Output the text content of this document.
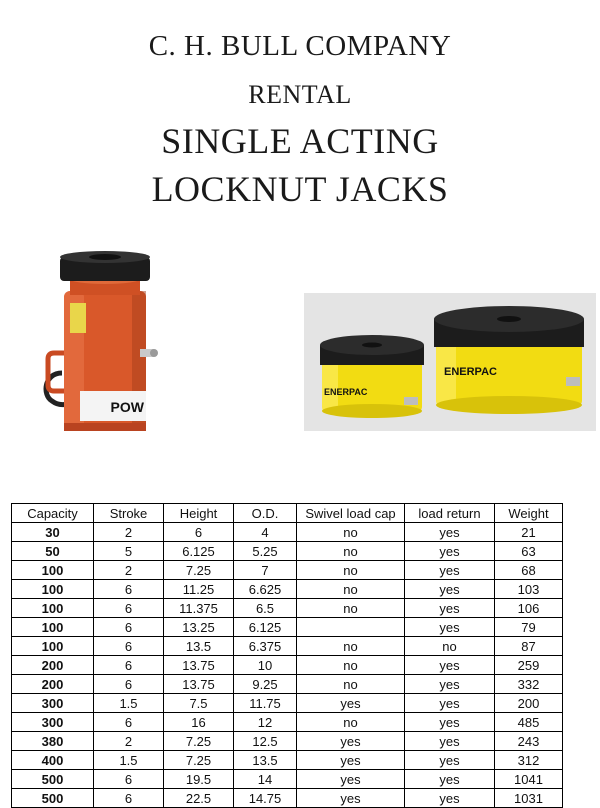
C. H. BULL COMPANY
RENTAL
SINGLE ACTING
LOCKNUT JACKS
POW
ENERPAC
ENERPAC
Capacity	Stroke	Height	O.D.	Swivel load cap	load return	Weight
30	2	6	4	no	yes	21
50	5	6.125	5.25	no	yes	63
100	2	7.25	7	no	yes	68
100	6	11.25	6.625	no	yes	103
100	6	11.375	6.5	no	yes	106
100	6	13.25	6.125		yes	79
100	6	13.5	6.375	no	no	87
200	6	13.75	10	no	yes	259
200	6	13.75	9.25	no	yes	332
300	1.5	7.5	11.75	yes	yes	200
300	6	16	12	no	yes	485
380	2	7.25	12.5	yes	yes	243
400	1.5	7.25	13.5	yes	yes	312
500	6	19.5	14	yes	yes	1041
500	6	22.5	14.75	yes	yes	1031
